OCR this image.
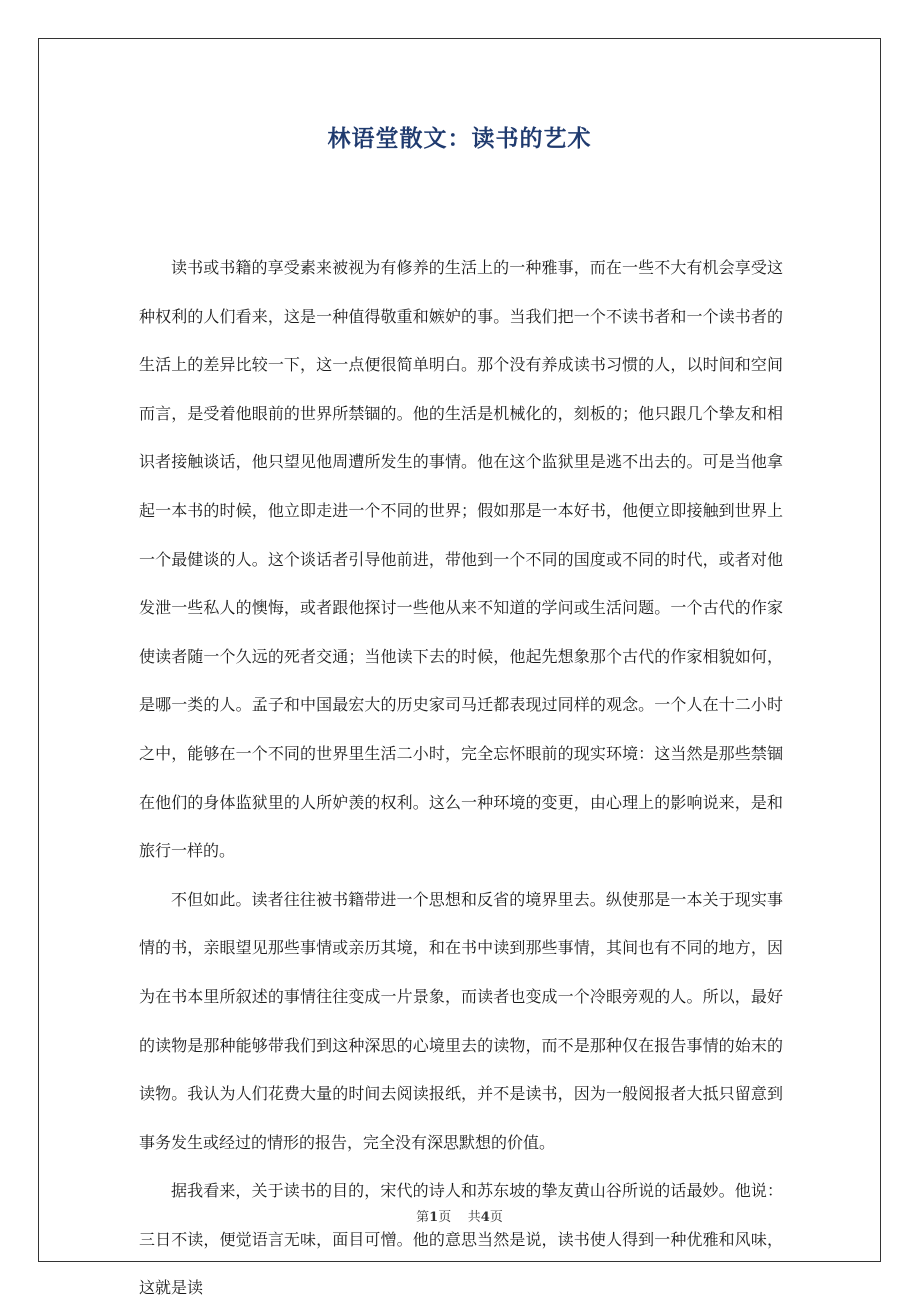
林语堂散文：读书的艺术

读书或书籍的享受素来被视为有修养的生活上的一种雅事，而在一些不大有机会享受这种权利的人们看来，这是一种值得敬重和嫉妒的事。当我们把一个不读书者和一个读书者的生活上的差异比较一下，这一点便很简单明白。那个没有养成读书习惯的人，以时间和空间而言，是受着他眼前的世界所禁锢的。他的生活是机械化的，刻板的；他只跟几个挚友和相识者接触谈话，他只望见他周遭所发生的事情。他在这个监狱里是逃不出去的。可是当他拿起一本书的时候，他立即走进一个不同的世界；假如那是一本好书，他便立即接触到世界上一个最健谈的人。这个谈话者引导他前进，带他到一个不同的国度或不同的时代，或者对他发泄一些私人的懊悔，或者跟他探讨一些他从来不知道的学问或生活问题。一个古代的作家使读者随一个久远的死者交通；当他读下去的时候，他起先想象那个古代的作家相貌如何，是哪一类的人。孟子和中国最宏大的历史家司马迁都表现过同样的观念。一个人在十二小时之中，能够在一个不同的世界里生活二小时，完全忘怀眼前的现实环境：这当然是那些禁锢在他们的身体监狱里的人所妒羡的权利。这么一种环境的变更，由心理上的影响说来，是和旅行一样的。

不但如此。读者往往被书籍带进一个思想和反省的境界里去。纵使那是一本关于现实事情的书，亲眼望见那些事情或亲历其境，和在书中读到那些事情，其间也有不同的地方，因为在书本里所叙述的事情往往变成一片景象，而读者也变成一个冷眼旁观的人。所以，最好的读物是那种能够带我们到这种深思的心境里去的读物，而不是那种仅在报告事情的始末的读物。我认为人们花费大量的时间去阅读报纸，并不是读书，因为一般阅报者大抵只留意到事务发生或经过的情形的报告，完全没有深思默想的价值。

据我看来，关于读书的目的，宋代的诗人和苏东坡的挚友黄山谷所说的话最妙。他说：三日不读，便觉语言无味，面目可憎。他的意思当然是说，读书使人得到一种优雅和风味，这就是读

第1页 共4页
